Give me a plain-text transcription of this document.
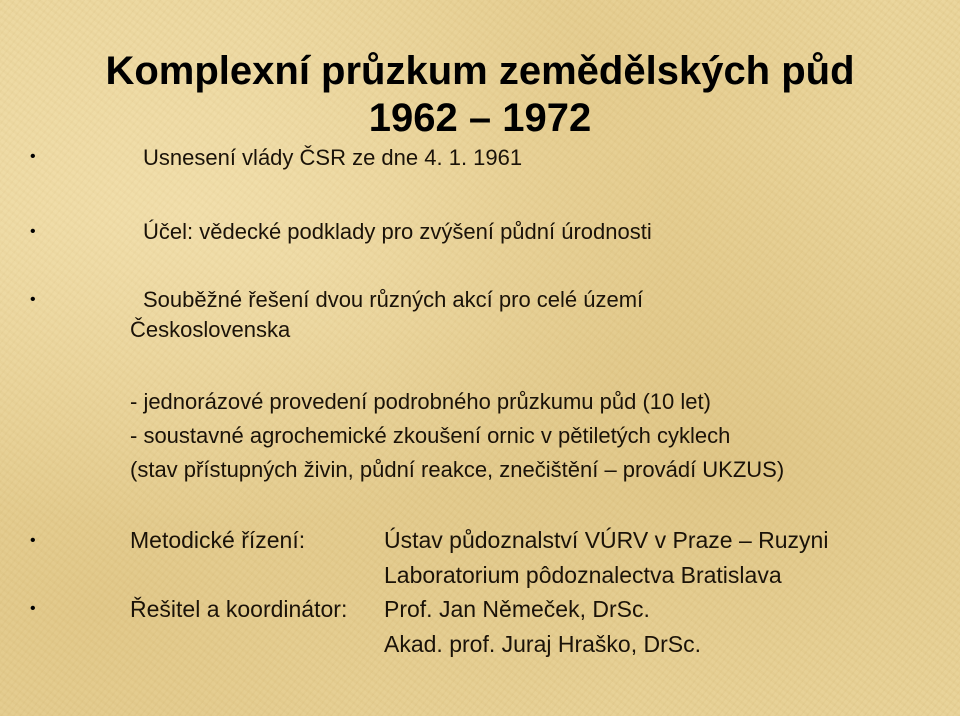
Komplexní průzkum zemědělských půd
1962 – 1972
•	Usnesení vlády ČSR ze dne 4. 1. 1961

•	Účel: vědecké podklady pro zvýšení půdní úrodnosti

•	Souběžné řešení dvou různých akcí pro celé území

Československa

- jednorázové provedení podrobného průzkumu půd (10 let)

- soustavné agrochemické zkoušení ornic v pětiletých cyklech

(stav přístupných živin, půdní reakce, znečištění – provádí UKZUS)

•	Metodické řízení:	Ústav půdoznalství VÚRV v Praze – Ruzyni

Laboratorium pôdoznalectva Bratislava

•	Řešitel a koordinátor: Prof. Jan Němeček, DrSc.

Akad. prof. Juraj Hraško, DrSc.
